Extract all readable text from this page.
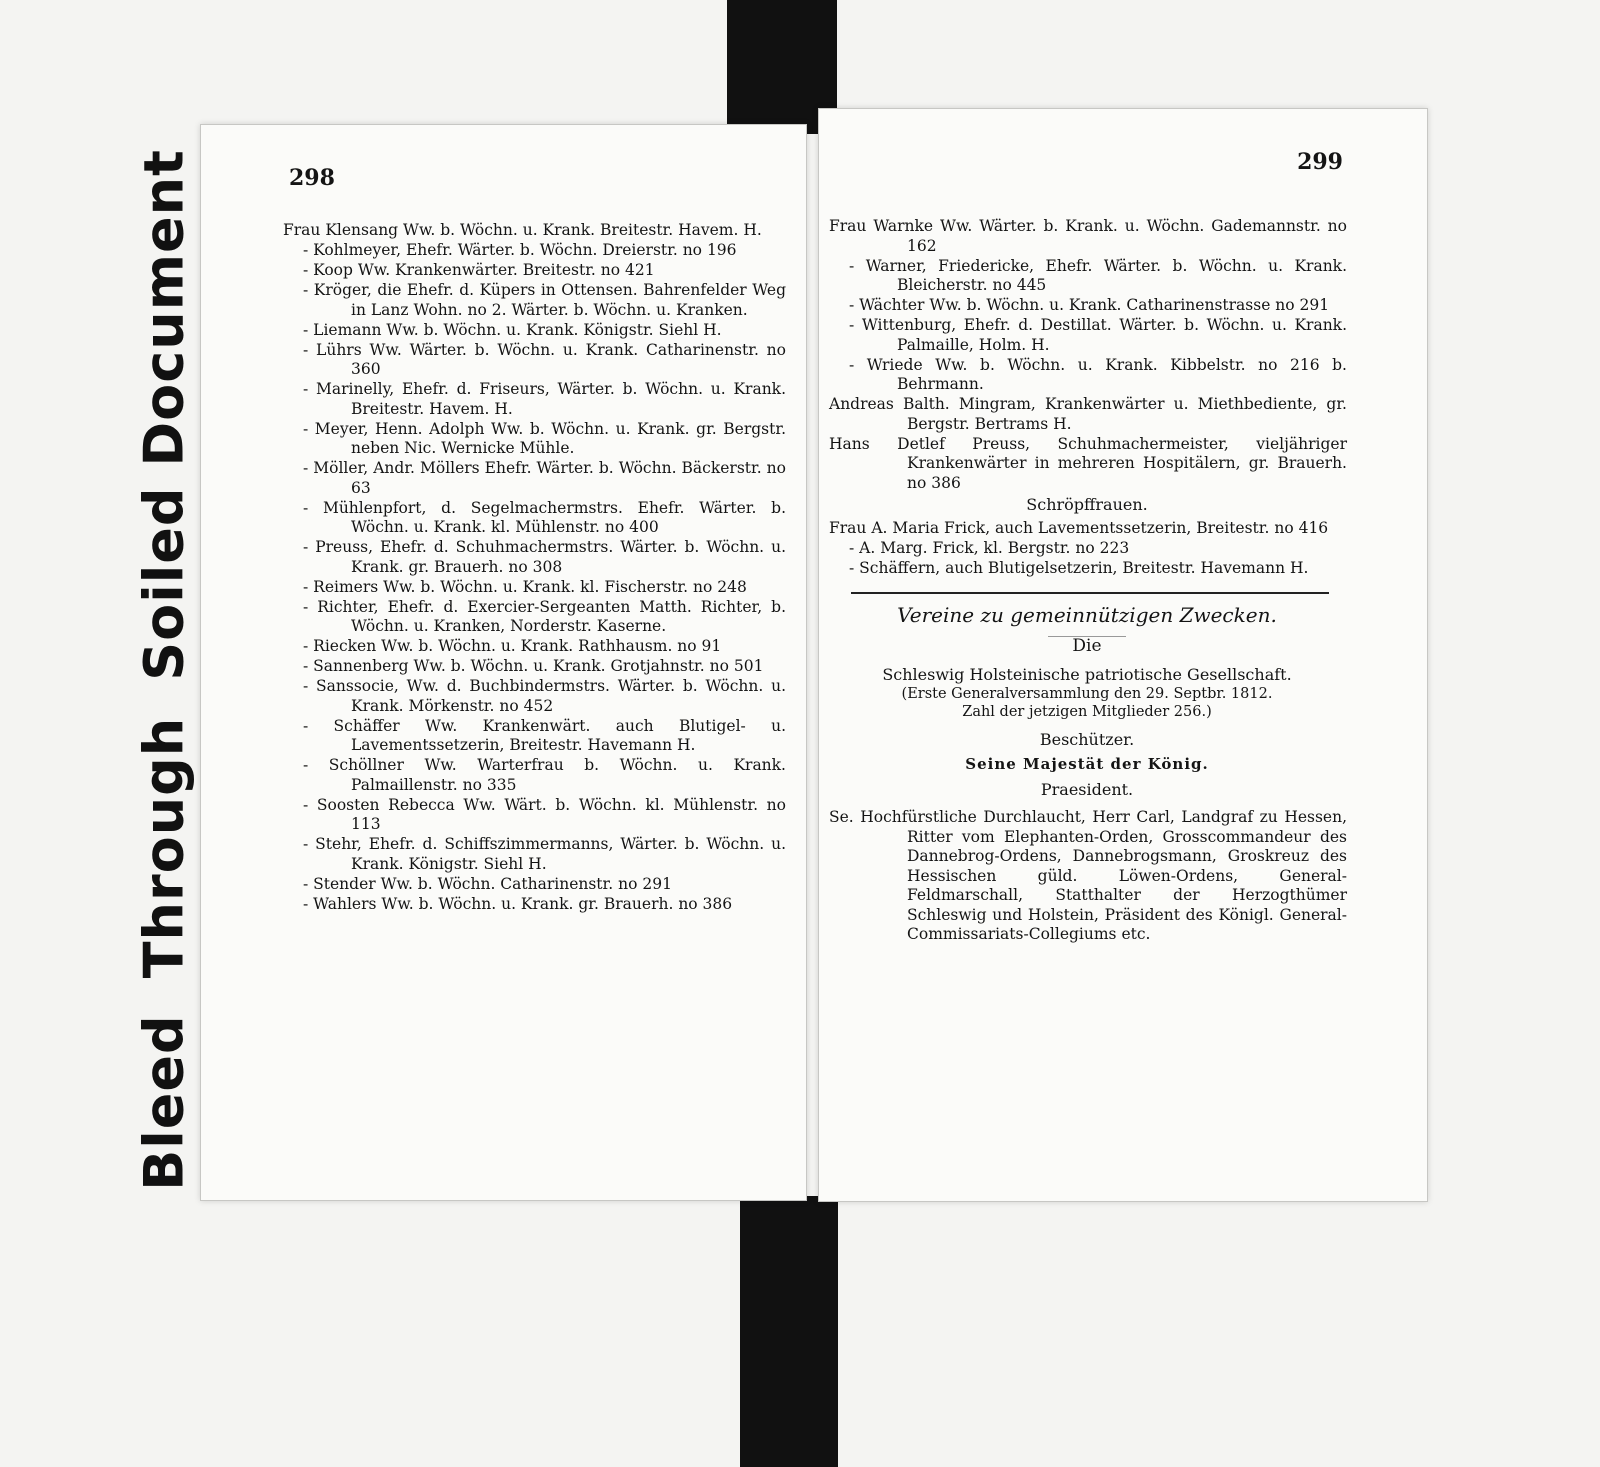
BleedThroughSoiled Document	298
Frau Klensang Ww. b. Wöchn. u. Krank. Breitestr. Havem. H.
- Kohlmeyer, Ehefr. Wärter. b. Wöchn. Dreierstr. no 196
- Koop Ww. Krankenwärter. Breitestr. no 421
- Kröger, die Ehefr. d. Küpers in Ottensen. Bahrenfelder Weg in Lanz Wohn. no 2. Wärter. b. Wöchn. u. Kranken.
- Liemann Ww. b. Wöchn. u. Krank. Königstr. Siehl H.
- Lührs Ww. Wärter. b. Wöchn. u. Krank. Catharinenstr. no 360
- Marinelly, Ehefr. d. Friseurs, Wärter. b. Wöchn. u. Krank. Breitestr. Havem. H.
- Meyer, Henn. Adolph Ww. b. Wöchn. u. Krank. gr. Bergstr. neben Nic. Wernicke Mühle.
- Möller, Andr. Möllers Ehefr. Wärter. b. Wöchn. Bäckerstr. no 63
- Mühlenpfort, d. Segelmachermstrs. Ehefr. Wärter. b. Wöchn. u. Krank. kl. Mühlenstr. no 400
- Preuss, Ehefr. d. Schuhmachermstrs. Wärter. b. Wöchn. u. Krank. gr. Brauerh. no 308
- Reimers Ww. b. Wöchn. u. Krank. kl. Fischerstr. no 248
- Richter, Ehefr. d. Exercier-Sergeanten Matth. Richter, b. Wöchn. u. Kranken, Norderstr. Kaserne.
- Riecken Ww. b. Wöchn. u. Krank. Rathhausm. no 91
- Sannenberg Ww. b. Wöchn. u. Krank. Grotjahnstr. no 501
- Sanssocie, Ww. d. Buchbindermstrs. Wärter. b. Wöchn. u. Krank. Mörkenstr. no 452
- Schäffer Ww. Krankenwärt. auch Blutigel- u. Lavementssetzerin, Breitestr. Havemann H.
- Schöllner Ww. Warterfrau b. Wöchn. u. Krank. Palmaillenstr. no 335
- Soosten Rebecca Ww. Wärt. b. Wöchn. kl. Mühlenstr. no 113
- Stehr, Ehefr. d. Schiffszimmermanns, Wärter. b. Wöchn. u. Krank. Königstr. Siehl H.
- Stender Ww. b. Wöchn. Catharinenstr. no 291
- Wahlers Ww. b. Wöchn. u. Krank. gr. Brauerh. no 386
299
Frau Warnke Ww. Wärter. b. Krank. u. Wöchn. Gademannstr. no 162
- Warner, Friedericke, Ehefr. Wärter. b. Wöchn. u. Krank. Bleicherstr. no 445
- Wächter Ww. b. Wöchn. u. Krank. Catharinenstrasse no 291
- Wittenburg, Ehefr. d. Destillat. Wärter. b. Wöchn. u. Krank. Palmaille, Holm. H.
- Wriede Ww. b. Wöchn. u. Krank. Kibbelstr. no 216 b. Behrmann.
Andreas Balth. Mingram, Krankenwärter u. Miethbediente, gr. Bergstr. Bertrams H.
Hans Detlef Preuss, Schuhmachermeister, vieljähriger Krankenwärter in mehreren Hospitälern, gr. Brauerh. no 386
Schröpffrauen.
Frau A. Maria Frick, auch Lavementssetzerin, Breitestr. no 416
- A. Marg. Frick, kl. Bergstr. no 223
- Schäffern, auch Blutigelsetzerin, Breitestr. Havemann H.
Vereine zu gemeinnützigen Zwecken.
Die
Schleswig Holsteinische patriotische Gesellschaft.
(Erste Generalversammlung den 29. Septbr. 1812.
Zahl der jetzigen Mitglieder 256.)
Beschützer.
Seine Majestät der König.
Praesident.
Se. Hochfürstliche Durchlaucht, Herr Carl, Landgraf zu Hessen, Ritter vom Elephanten-Orden, Grosscommandeur des Dannebrog-Ordens, Dannebrogsmann, Groskreuz des Hessischen güld. Löwen-Ordens, General-Feldmarschall, Statthalter der Herzogthümer Schleswig und Holstein, Präsident des Königl. General-Commissariats-Collegiums etc.
